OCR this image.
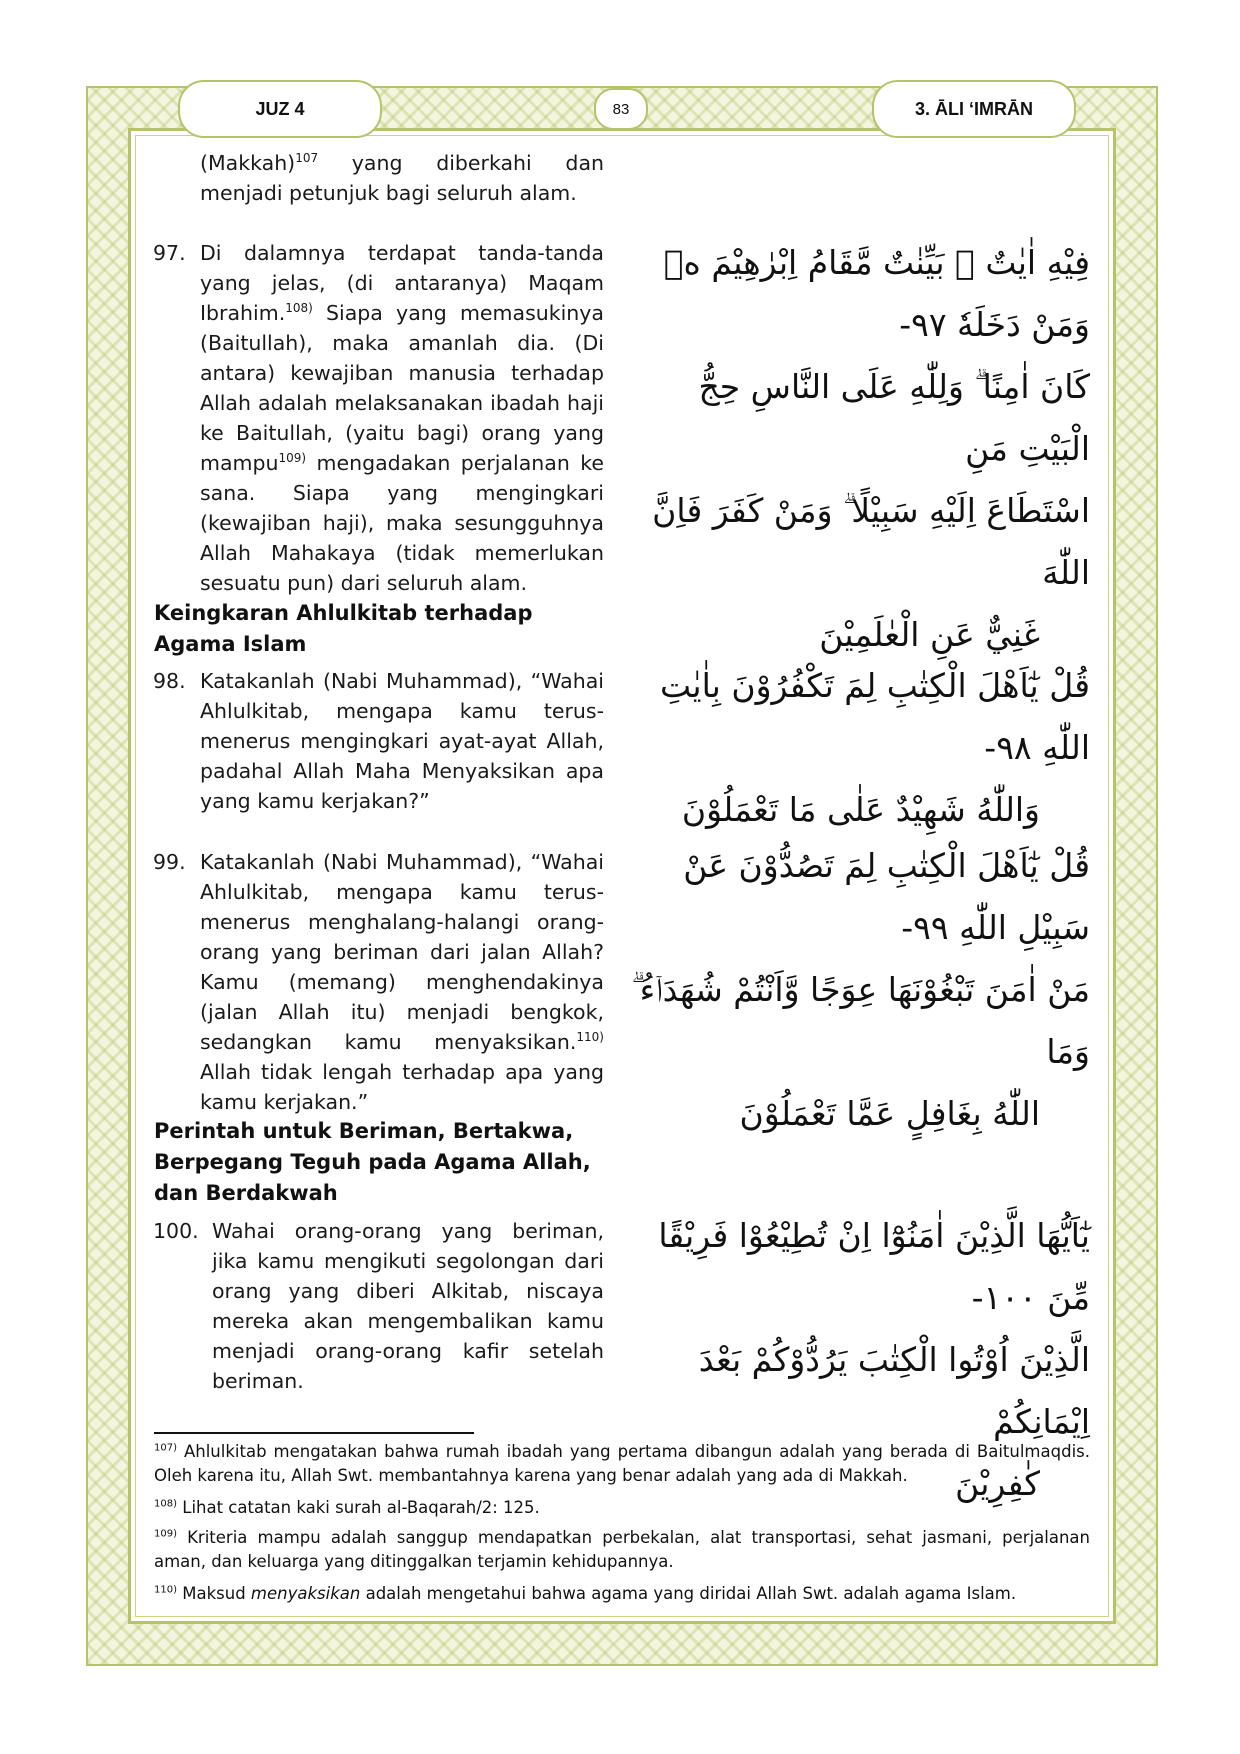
JUZ 4	83	3. ĀLI ‘IMRĀN
(Makkah)$^{107}$ yang diberkahi dan menjadi petunjuk bagi seluruh alam.
97. Di dalamnya terdapat tanda-tanda yang jelas, (di antaranya) Maqam Ibrahim.$^{108)}$ Siapa yang memasukinya (Baitullah), maka amanlah dia. (Di antara) kewajiban manusia terhadap Allah adalah melaksanakan ibadah haji ke Baitullah, (yaitu bagi) orang yang mampu$^{109)}$ mengadakan perjalanan ke sana. Siapa yang mengingkari (kewajiban haji), maka sesungguhnya Allah Mahakaya (tidak memerlukan sesuatu pun) dari seluruh alam.
فِيْهِ اٰيٰتٌ ۢ بَيِّنٰتٌ مَّقَامُ اِبْرٰهِيْمَ ەۚ وَمَنْ دَخَلَهٗ ٩٧-
كَانَ اٰمِنًا ۗ وَلِلّٰهِ عَلَى النَّاسِ حِجُّ الْبَيْتِ مَنِ
اسْتَطَاعَ اِلَيْهِ سَبِيْلًا ۗ وَمَنْ كَفَرَ فَاِنَّ اللّٰهَ
غَنِيٌّ عَنِ الْعٰلَمِيْنَ
Keingkaran Ahlulkitab terhadap Agama Islam
98. Katakanlah (Nabi Muhammad), “Wahai Ahlulkitab, mengapa kamu terus-menerus mengingkari ayat-ayat Allah, padahal Allah Maha Menyaksikan apa yang kamu kerjakan?”
قُلْ يٰٓاَهْلَ الْكِتٰبِ لِمَ تَكْفُرُوْنَ بِاٰيٰتِ اللّٰهِ ٩٨-
وَاللّٰهُ شَهِيْدٌ عَلٰى مَا تَعْمَلُوْنَ
99. Katakanlah (Nabi Muhammad), “Wahai Ahlulkitab, mengapa kamu terus-menerus menghalang-halangi orang-orang yang beriman dari jalan Allah? Kamu (memang) menghendakinya (jalan Allah itu) menjadi bengkok, sedangkan kamu menyaksikan.$^{110)}$ Allah tidak lengah terhadap apa yang kamu kerjakan.”
قُلْ يٰٓاَهْلَ الْكِتٰبِ لِمَ تَصُدُّوْنَ عَنْ سَبِيْلِ اللّٰهِ ٩٩-
مَنْ اٰمَنَ تَبْغُوْنَهَا عِوَجًا وَّاَنْتُمْ شُهَدَاۤءُ ۗ وَمَا
اللّٰهُ بِغَافِلٍ عَمَّا تَعْمَلُوْنَ
Perintah untuk Beriman, Bertakwa, Berpegang Teguh pada Agama Allah, dan Berdakwah
100. Wahai orang-orang yang beriman, jika kamu mengikuti segolongan dari orang yang diberi Alkitab, niscaya mereka akan mengembalikan kamu menjadi orang-orang kafir setelah beriman.
يٰٓاَيُّهَا الَّذِيْنَ اٰمَنُوْٓا اِنْ تُطِيْعُوْا فَرِيْقًا مِّنَ ١٠٠-
الَّذِيْنَ اُوْتُوا الْكِتٰبَ يَرُدُّوْكُمْ بَعْدَ اِيْمَانِكُمْ
كٰفِرِيْنَ
$^{107)}$ Ahlulkitab mengatakan bahwa rumah ibadah yang pertama dibangun adalah yang berada di Baitulmaqdis. Oleh karena itu, Allah Swt. membantahnya karena yang benar adalah yang ada di Makkah.
$^{108)}$ Lihat catatan kaki surah al-Baqarah/2: 125.
$^{109)}$ Kriteria mampu adalah sanggup mendapatkan perbekalan, alat transportasi, sehat jasmani, perjalanan aman, dan keluarga yang ditinggalkan terjamin kehidupannya.
$^{110)}$ Maksud menyaksikan adalah mengetahui bahwa agama yang diridai Allah Swt. adalah agama Islam.
